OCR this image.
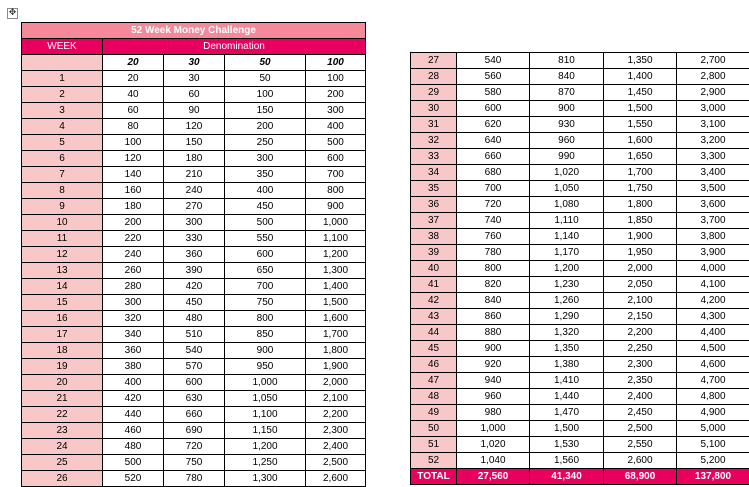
✥
52 Week Money Challenge				
WEEK	Denomination			
	20	30	50	100
1	20	30	50	100
2	40	60	100	200
3	60	90	150	300
4	80	120	200	400
5	100	150	250	500
6	120	180	300	600
7	140	210	350	700
8	160	240	400	800
9	180	270	450	900
10	200	300	500	1,000
11	220	330	550	1,100
12	240	360	600	1,200
13	260	390	650	1,300
14	280	420	700	1,400
15	300	450	750	1,500
16	320	480	800	1,600
17	340	510	850	1,700
18	360	540	900	1,800
19	380	570	950	1,900
20	400	600	1,000	2,000
21	420	630	1,050	2,100
22	440	660	1,100	2,200
23	460	690	1,150	2,300
24	480	720	1,200	2,400
25	500	750	1,250	2,500
26	520	780	1,300	2,600
27	540	810	1,350	2,700
28	560	840	1,400	2,800
29	580	870	1,450	2,900
30	600	900	1,500	3,000
31	620	930	1,550	3,100
32	640	960	1,600	3,200
33	660	990	1,650	3,300
34	680	1,020	1,700	3,400
35	700	1,050	1,750	3,500
36	720	1,080	1,800	3,600
37	740	1,110	1,850	3,700
38	760	1,140	1,900	3,800
39	780	1,170	1,950	3,900
40	800	1,200	2,000	4,000
41	820	1,230	2,050	4,100
42	840	1,260	2,100	4,200
43	860	1,290	2,150	4,300
44	880	1,320	2,200	4,400
45	900	1,350	2,250	4,500
46	920	1,380	2,300	4,600
47	940	1,410	2,350	4,700
48	960	1,440	2,400	4,800
49	980	1,470	2,450	4,900
50	1,000	1,500	2,500	5,000
51	1,020	1,530	2,550	5,100
52	1,040	1,560	2,600	5,200
TOTAL	27,560	41,340	68,900	137,800
